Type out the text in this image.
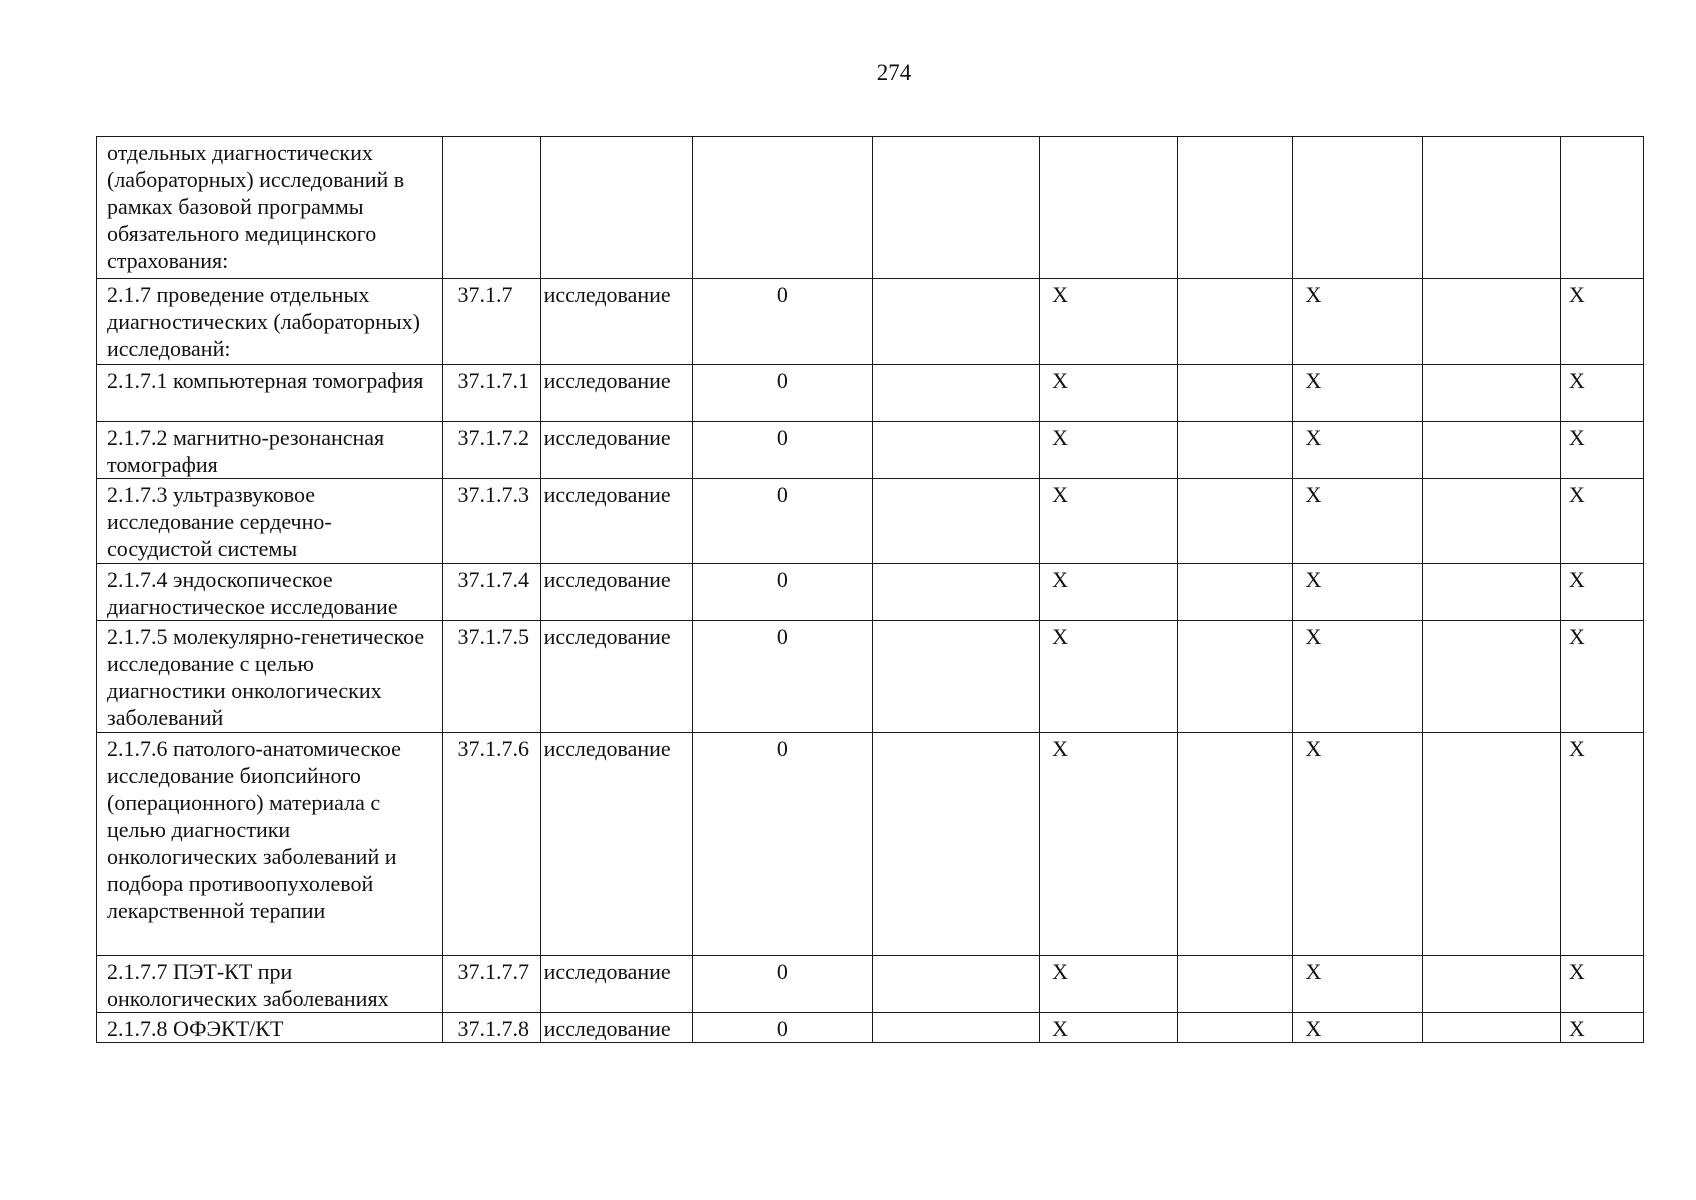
274
отдельных диагностических (лабораторных) исследований в рамках базовой программы обязательного медицинского страхования:									
2.1.7 проведение отдельных диагностических (лабораторных) исследованй:	37.1.7	исследование	0		X		X		X
2.1.7.1 компьютерная томография	37.1.7.1	исследование	0		X		X		X
2.1.7.2 магнитно-резонансная томография	37.1.7.2	исследование	0		X		X		X
2.1.7.3 ультразвуковое исследование сердечно-сосудистой системы	37.1.7.3	исследование	0		X		X		X
2.1.7.4 эндоскопическое диагностическое исследование	37.1.7.4	исследование	0		X		X		X
2.1.7.5 молекулярно-генетическое исследование с целью диагностики онкологических заболеваний	37.1.7.5	исследование	0		X		X		X
2.1.7.6 патолого-анатомическое исследование биопсийного (операционного) материала с целью диагностики онкологических заболеваний и подбора противоопухолевой лекарственной терапии	37.1.7.6	исследование	0		X		X		X
2.1.7.7 ПЭТ-КТ при онкологических заболеваниях	37.1.7.7	исследование	0		X		X		X
2.1.7.8 ОФЭКТ/КТ	37.1.7.8	исследование	0		X		X		X
